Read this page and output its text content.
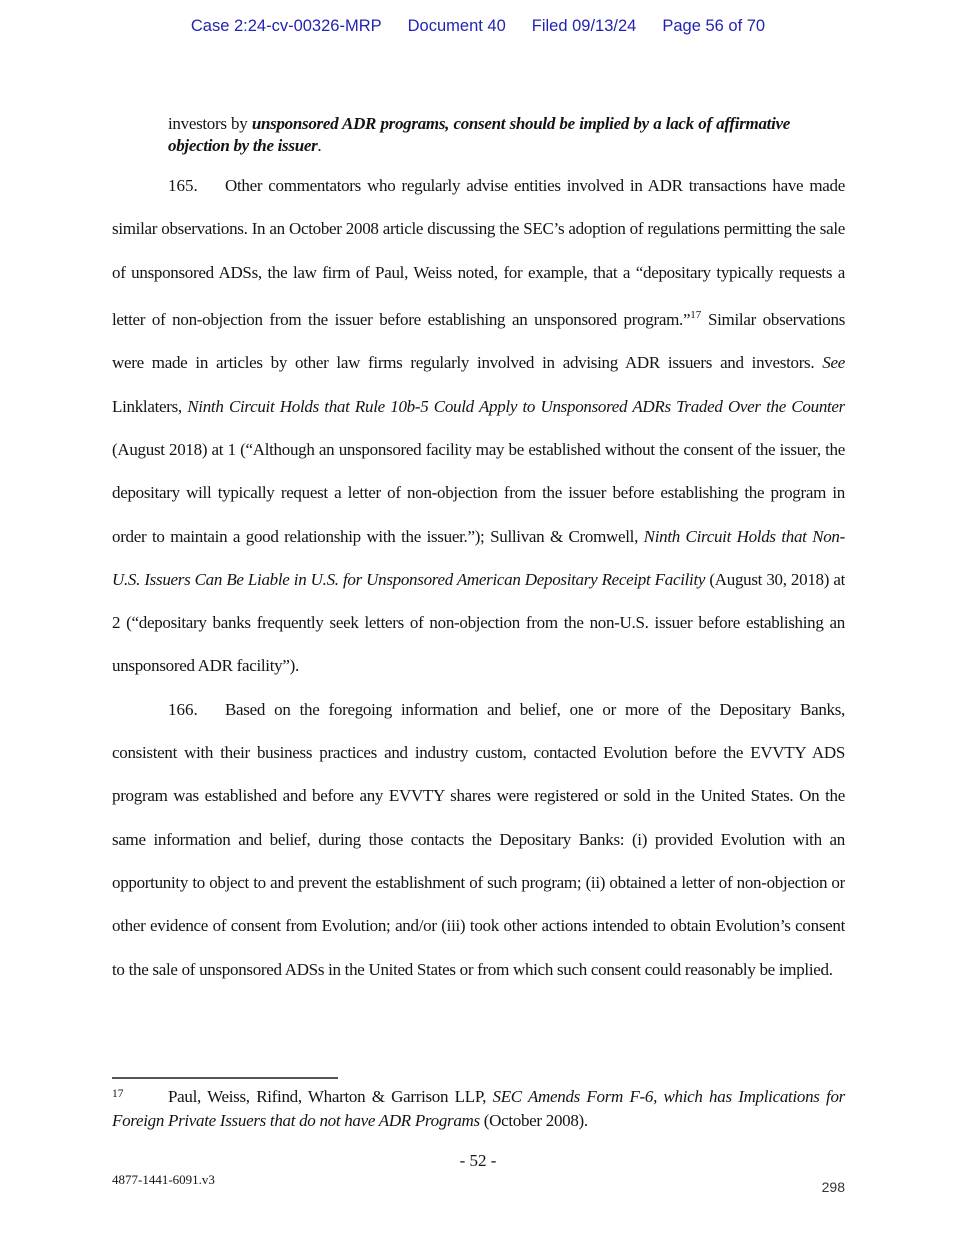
Case 2:24-cv-00326-MRP Document 40 Filed 09/13/24 Page 56 of 70
investors by unsponsored ADR programs, consent should be implied by a lack of affirmative objection by the issuer.

165. Other commentators who regularly advise entities involved in ADR transactions have made similar observations. In an October 2008 article discussing the SEC’s adoption of regulations permitting the sale of unsponsored ADSs, the law firm of Paul, Weiss noted, for example, that a “depositary typically requests a letter of non-objection from the issuer before establishing an unsponsored program.”$^{17}$ Similar observations were made in articles by other law firms regularly involved in advising ADR issuers and investors. See Linklaters, Ninth Circuit Holds that Rule 10b-5 Could Apply to Unsponsored ADRs Traded Over the Counter (August 2018) at 1 (“Although an unsponsored facility may be established without the consent of the issuer, the depositary will typically request a letter of non-objection from the issuer before establishing the program in order to maintain a good relationship with the issuer.”); Sullivan & Cromwell, Ninth Circuit Holds that Non-U.S. Issuers Can Be Liable in U.S. for Unsponsored American Depositary Receipt Facility (August 30, 2018) at 2 (“depositary banks frequently seek letters of non-objection from the non-U.S. issuer before establishing an unsponsored ADR facility”).

166. Based on the foregoing information and belief, one or more of the Depositary Banks, consistent with their business practices and industry custom, contacted Evolution before the EVVTY ADS program was established and before any EVVTY shares were registered or sold in the United States. On the same information and belief, during those contacts the Depositary Banks: (i) provided Evolution with an opportunity to object to and prevent the establishment of such program; (ii) obtained a letter of non-objection or other evidence of consent from Evolution; and/or (iii) took other actions intended to obtain Evolution’s consent to the sale of unsponsored ADSs in the United States or from which such consent could reasonably be implied.

17	Paul, Weiss, Rifind, Wharton & Garrison LLP, SEC Amends Form F-6, which has Implications for Foreign Private Issuers that do not have ADR Programs (October 2008).
- 52 -
4877-1441-6091.v3	298
